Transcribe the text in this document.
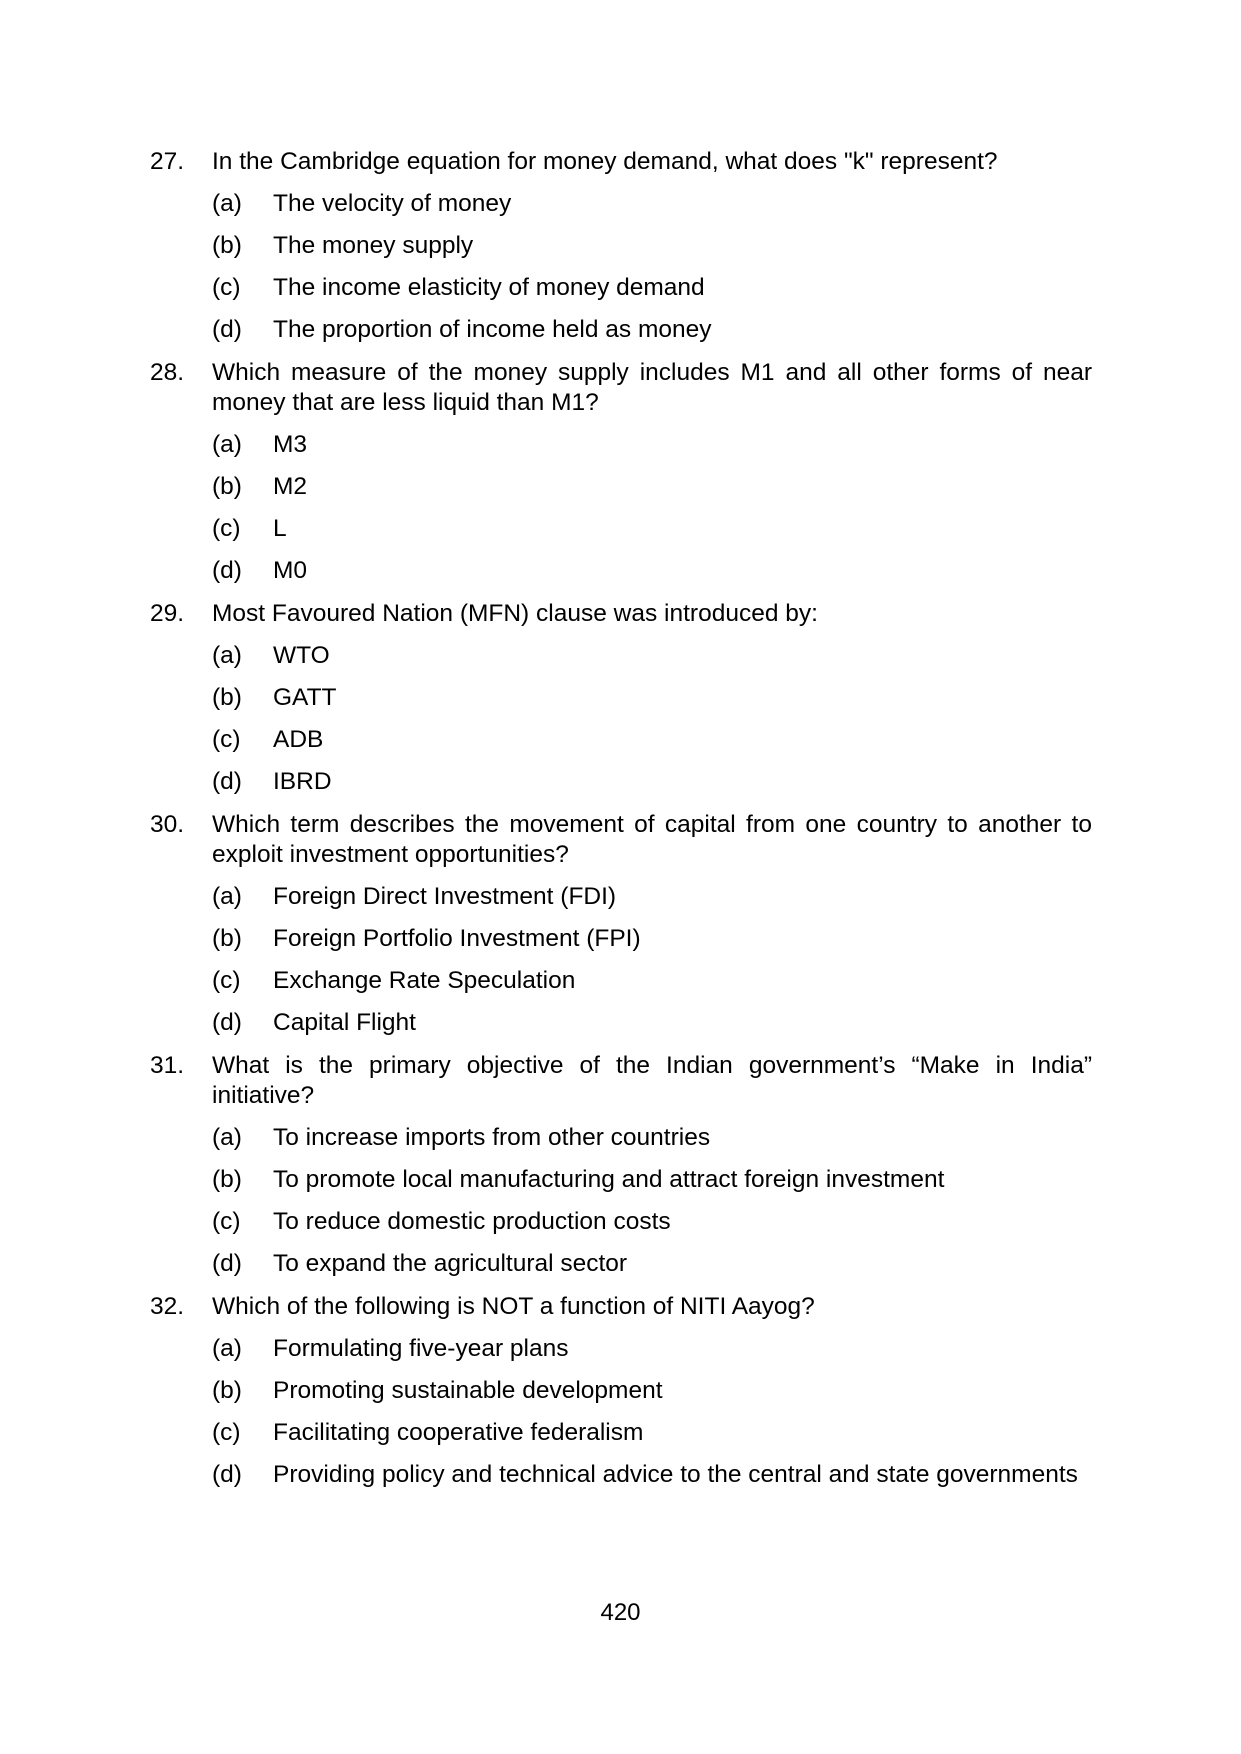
27.	In the Cambridge equation for money demand, what does "k" represent?

(a)	The velocity of money

(b)	The money supply

(c)	The income elasticity of money demand

(d)	The proportion of income held as money

28.	Which measure of the money supply includes M1 and all other forms of near money that are less liquid than M1?

(a)	M3

(b)	M2

(c)	L

(d)	M0

29.	Most Favoured Nation (MFN) clause was introduced by:

(a)	WTO

(b)	GATT

(c)	ADB

(d)	IBRD

30.	Which term describes the movement of capital from one country to another to exploit investment opportunities?

(a)	Foreign Direct Investment (FDI)

(b)	Foreign Portfolio Investment (FPI)

(c)	Exchange Rate Speculation

(d)	Capital Flight

31.	What is the primary objective of the Indian government’s “Make in India” initiative?

(a)	To increase imports from other countries

(b)	To promote local manufacturing and attract foreign investment

(c)	To reduce domestic production costs

(d)	To expand the agricultural sector

32.	Which of the following is NOT a function of NITI Aayog?

(a)	Formulating five-year plans

(b)	Promoting sustainable development

(c)	Facilitating cooperative federalism

(d)	Providing policy and technical advice to the central and state governments

420
